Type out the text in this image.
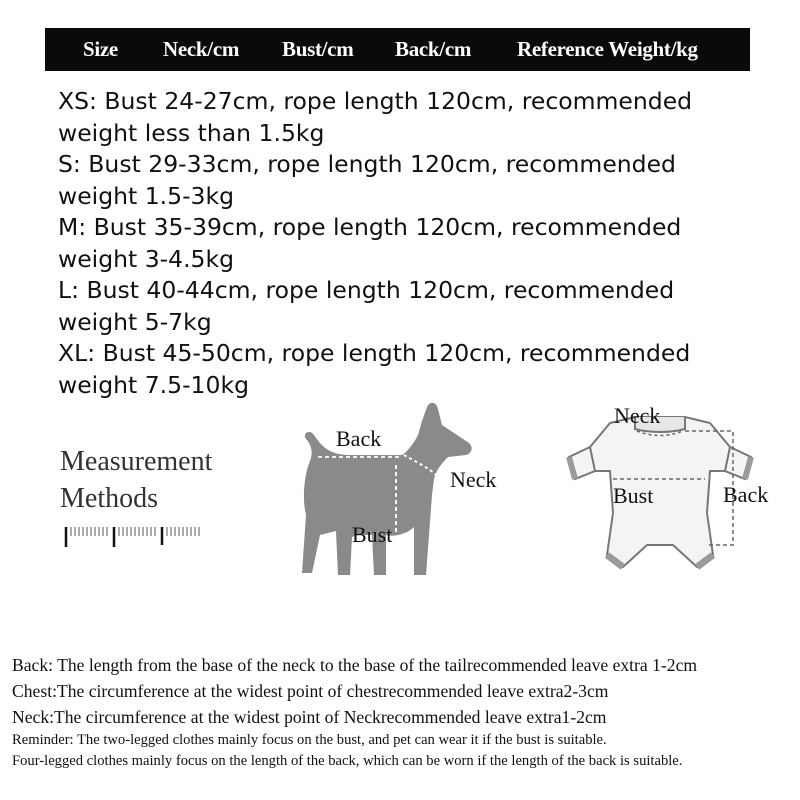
Size Neck/cm Bust/cm Back/cm Reference Weight/kg
XS: Bust 24-27cm, rope length 120cm, recommended weight less than 1.5kg
S: Bust 29-33cm, rope length 120cm, recommended weight 1.5-3kg
M: Bust 35-39cm, rope length 120cm, recommended weight 3-4.5kg
L: Bust 40-44cm, rope length 120cm, recommended weight 5-7kg
XL: Bust 45-50cm, rope length 120cm, recommended weight 7.5-10kg
Measurement
Methods
Back
Neck
Bust
Neck
Bust	Back
Back: The length from the base of the neck to the base of the tailrecommended leave extra 1-2cm
Chest:The circumference at the widest point of chestrecommended leave extra2-3cm
Neck:The circumference at the widest point of Neckrecommended leave extra1-2cm
Reminder: The two-legged clothes mainly focus on the bust, and pet can wear it if the bust is suitable.
Four-legged clothes mainly focus on the length of the back, which can be worn if the length of the back is suitable.
